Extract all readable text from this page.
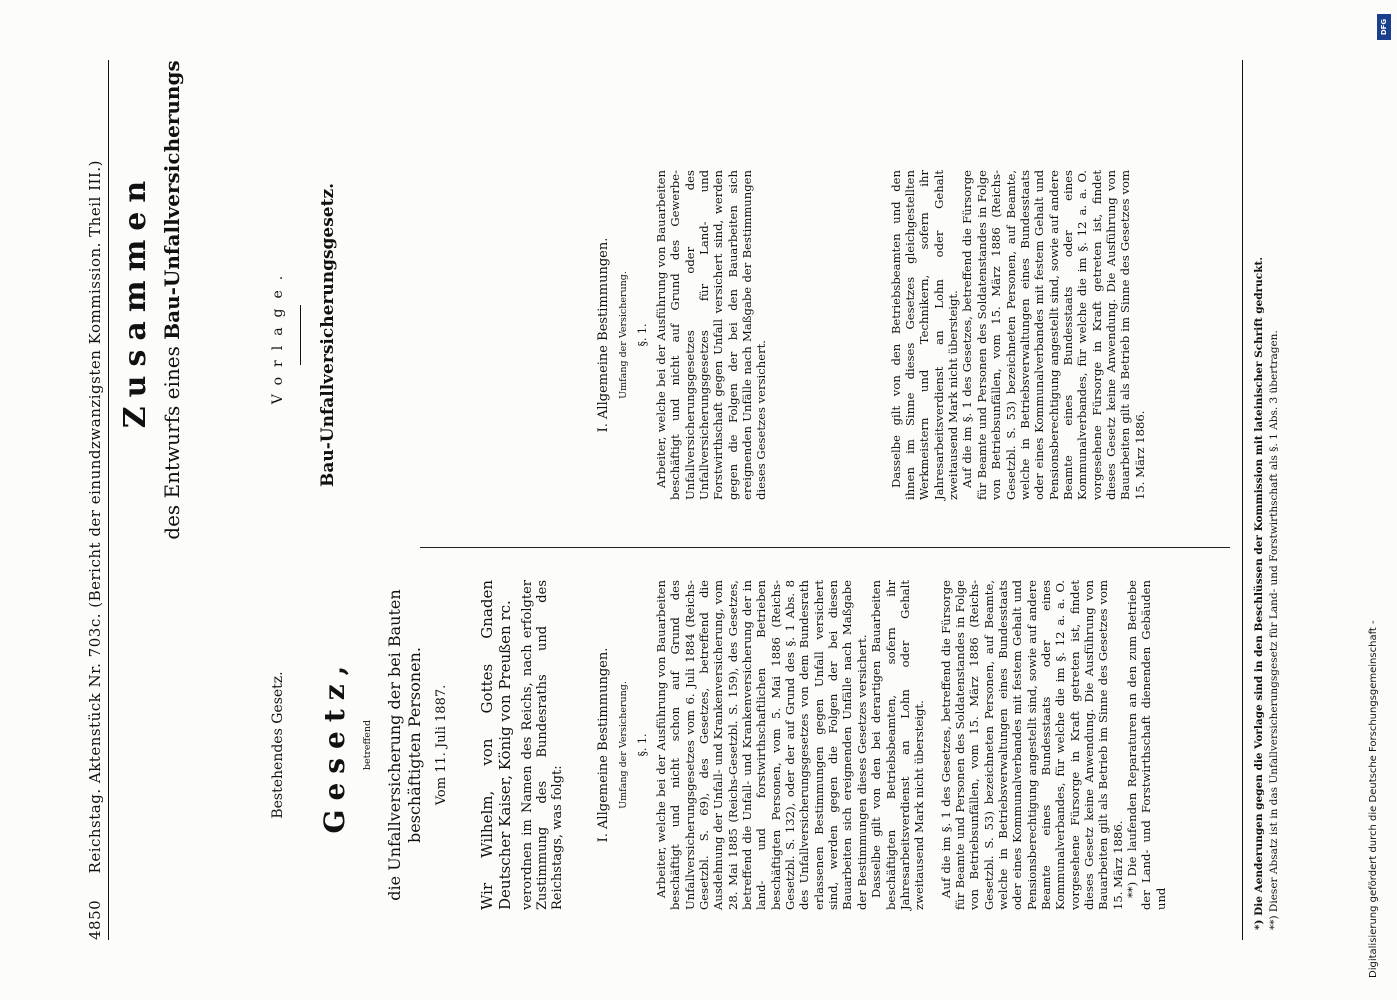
4850     Reichstag. Aktenstück Nr. 703c. (Bericht der einundzwanzigsten Kommission. Theil III.) Zusammen
des Entwurfs eines Bau-Unfallversicherungs
Bestehendes Gesetz. Gesetz, betreffend die Unfallversicherung der bei Bauten beschäftigten Personen. Vom 11. Juli 1887. Wir Wilhelm, von Gottes Gnaden Deutscher Kaiser, König von Preußen rc. verordnen im Namen des Reichs, nach erfolgter Zustimmung des Bundesraths und des Reichstags, was folgt: I. Allgemeine Bestimmungen. Umfang der Versicherung. §. 1. Arbeiter, welche bei der Ausführung von Bauarbeiten beschäftigt und nicht schon auf Grund des Unfallversicherungsgesetzes vom 6. Juli 1884 (Reichs-Gesetzbl. S. 69), des Gesetzes, betreffend die Ausdehnung der Unfall- und Krankenversicherung, vom 28. Mai 1885 (Reichs-Gesetzbl. S. 159), des Gesetzes, betreffend die Unfall- und Krankenversicherung der in land- und forstwirthschaftlichen Betrieben beschäftigten Personen, vom 5. Mai 1886 (Reichs-Gesetzbl. S. 132), oder der auf Grund des §. 1 Abs. 8 des Unfallversicherungsgesetzes von dem Bundesrath erlassenen Bestimmungen gegen Unfall versichert sind, werden gegen die Folgen der bei diesen Bauarbeiten sich ereignenden Unfälle nach Maßgabe der Bestimmungen dieses Gesetzes versichert. Dasselbe gilt von den bei derartigen Bauarbeiten beschäftigten Betriebsbeamten, sofern ihr Jahresarbeitsverdienst an Lohn oder Gehalt zweitausend Mark nicht übersteigt. Auf die im §. 1 des Gesetzes, betreffend die Fürsorge für Beamte und Personen des Soldatenstandes in Folge von Betriebsunfällen, vom 15. März 1886 (Reichs-Gesetzbl. S. 53) bezeichneten Personen, auf Beamte, welche in Betriebsverwaltungen eines Bundesstaats oder eines Kommunalverbandes mit festem Gehalt und Pensionsberechtigung angestellt sind, sowie auf andere Beamte eines Bundesstaats oder eines Kommunalverbandes, für welche die im §. 12 a. a. O. vorgesehene Fürsorge in Kraft getreten ist, findet dieses Gesetz keine Anwendung. Die Ausführung von Bauarbeiten gilt als Betrieb im Sinne des Gesetzes vom 15. März 1886. **) Die laufenden Reparaturen an den zum Betriebe der Land- und Forstwirthschaft dienenden Gebäuden und

Vorlage. Bau-Unfallversicherungsgesetz.	I. Allgemeine Bestimmungen. Umfang der Versicherung. §. 1. Arbeiter, welche bei der Ausführung von Bauarbeiten beschäftigt und nicht auf Grund des Gewerbe-Unfallversicherungsgesetzes oder des Unfallversicherungsgesetzes für Land- und Forstwirthschaft gegen Unfall versichert sind, werden gegen die Folgen der bei den Bauarbeiten sich ereignenden Unfälle nach Maßgabe der Bestimmungen dieses Gesetzes versichert.	Dasselbe gilt von den Betriebsbeamten und den ihnen im Sinne dieses Gesetzes gleichgestellten Werkmeistern und Technikern, sofern ihr Jahresarbeitsverdienst an Lohn oder Gehalt zweitausend Mark nicht übersteigt. Auf die im §. 1 des Gesetzes, betreffend die Fürsorge für Beamte und Personen des Soldatenstandes in Folge von Betriebsunfällen, vom 15. März 1886 (Reichs-Gesetzbl. S. 53) bezeichneten Personen, auf Beamte, welche in Betriebsverwaltungen eines Bundesstaats oder eines Kommunalverbandes mit festem Gehalt und Pensionsberechtigung angestellt sind, sowie auf andere Beamte eines Bundesstaats oder eines Kommunalverbandes, für welche die im §. 12 a. a. O. vorgesehene Fürsorge in Kraft getreten ist, findet dieses Gesetz keine Anwendung. Die Ausführung von Bauarbeiten gilt als Betrieb im Sinne des Gesetzes vom 15. März 1886.	*) Die Aenderungen gegen die Vorlage sind in den Beschlüssen der Kommission mit lateinischer Schrift gedruckt. **) Dieser Absatz ist in das Unfallversicherungsgesetz für Land- und Forstwirthschaft als §. 1 Abs. 3 übertragen.	Digitalisierung gefördert durch die Deutsche Forschungsgemeinschaft -
DFG
